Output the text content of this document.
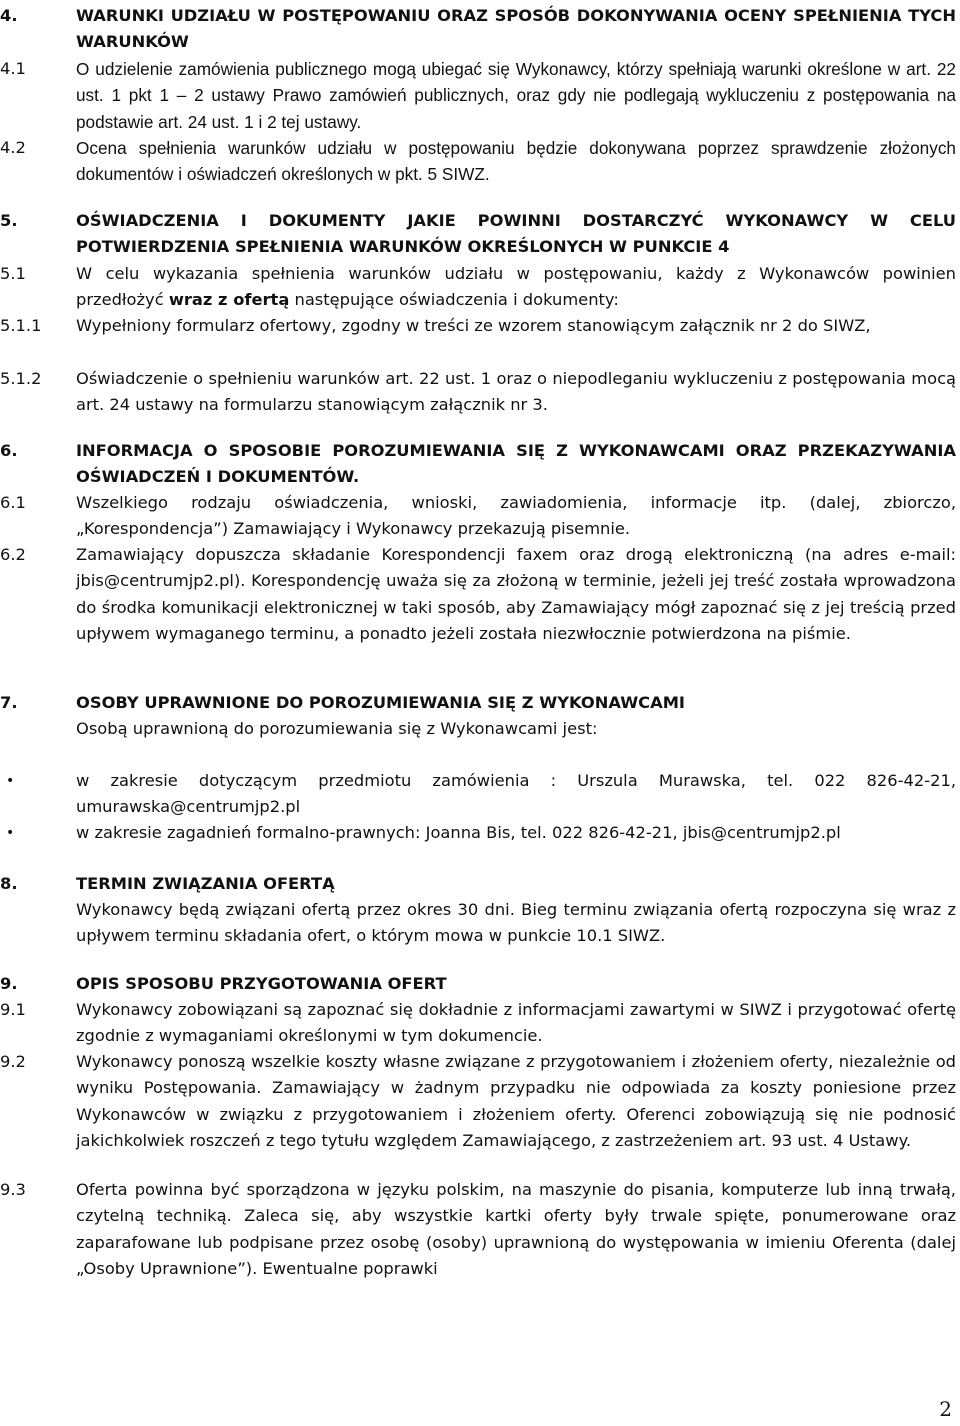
4.	WARUNKI UDZIAŁU W POSTĘPOWANIU ORAZ SPOSÓB DOKONYWANIA OCENY SPEŁNIENIA TYCH WARUNKÓW
4.1	O udzielenie zamówienia publicznego mogą ubiegać się Wykonawcy, którzy spełniają warunki określone w art. 22 ust. 1 pkt 1 – 2 ustawy Prawo zamówień publicznych, oraz gdy nie podlegają wykluczeniu z postępowania na podstawie art. 24 ust. 1 i 2 tej ustawy.
4.2	Ocena spełnienia warunków udziału w postępowaniu będzie dokonywana poprzez sprawdzenie złożonych dokumentów i oświadczeń określonych w pkt. 5 SIWZ.
5.	OŚWIADCZENIA I DOKUMENTY JAKIE POWINNI DOSTARCZYĆ WYKONAWCY W CELU POTWIERDZENIA SPEŁNIENIA WARUNKÓW OKREŚLONYCH W PUNKCIE 4
5.1	W celu wykazania spełnienia warunków udziału w postępowaniu, każdy z Wykonawców powinien przedłożyć wraz z ofertą następujące oświadczenia i dokumenty:
5.1.1 Wypełniony formularz ofertowy, zgodny w treści ze wzorem stanowiącym załącznik nr 2 do SIWZ,
5.1.2 Oświadczenie o spełnieniu warunków art. 22 ust. 1 oraz o niepodleganiu wykluczeniu z postępowania mocą art. 24 ustawy na formularzu stanowiącym załącznik nr 3.
6.	INFORMACJA O SPOSOBIE POROZUMIEWANIA SIĘ Z WYKONAWCAMI ORAZ PRZEKAZYWANIA OŚWIADCZEŃ I DOKUMENTÓW.
6.1	Wszelkiego rodzaju oświadczenia, wnioski, zawiadomienia, informacje itp. (dalej, zbiorczo, „Korespondencja”) Zamawiający i Wykonawcy przekazują pisemnie.
6.2	Zamawiający dopuszcza składanie Korespondencji faxem oraz drogą elektroniczną (na adres e-mail: jbis@centrumjp2.pl). Korespondencję uważa się za złożoną w terminie, jeżeli jej treść została wprowadzona do środka komunikacji elektronicznej w taki sposób, aby Zamawiający mógł zapoznać się z jej treścią przed upływem wymaganego terminu, a ponadto jeżeli została niezwłocznie potwierdzona na piśmie.
7.	OSOBY UPRAWNIONE DO POROZUMIEWANIA SIĘ Z WYKONAWCAMI
Osobą uprawnioną do porozumiewania się z Wykonawcami jest:
•	w zakresie dotyczącym przedmiotu zamówienia : Urszula Murawska, tel. 022 826-42-21, umurawska@centrumjp2.pl
•	w zakresie zagadnień formalno-prawnych: Joanna Bis, tel. 022 826-42-21, jbis@centrumjp2.pl
8.	TERMIN ZWIĄZANIA OFERTĄ
Wykonawcy będą związani ofertą przez okres 30 dni. Bieg terminu związania ofertą rozpoczyna się wraz z upływem terminu składania ofert, o którym mowa w punkcie 10.1 SIWZ.
9.	OPIS SPOSOBU PRZYGOTOWANIA OFERT
9.1	Wykonawcy zobowiązani są zapoznać się dokładnie z informacjami zawartymi w SIWZ i przygotować ofertę zgodnie z wymaganiami określonymi w tym dokumencie.
9.2	Wykonawcy ponoszą wszelkie koszty własne związane z przygotowaniem i złożeniem oferty, niezależnie od wyniku Postępowania. Zamawiający w żadnym przypadku nie odpowiada za koszty poniesione przez Wykonawców w związku z przygotowaniem i złożeniem oferty. Oferenci zobowiązują się nie podnosić jakichkolwiek roszczeń z tego tytułu względem Zamawiającego, z zastrzeżeniem art. 93 ust. 4 Ustawy.
9.3	Oferta powinna być sporządzona w języku polskim, na maszynie do pisania, komputerze lub inną trwałą, czytelną techniką. Zaleca się, aby wszystkie kartki oferty były trwale spięte, ponumerowane oraz zaparafowane lub podpisane przez osobę (osoby) uprawnioną do występowania w imieniu Oferenta (dalej „Osoby Uprawnione”). Ewentualne poprawki
2
